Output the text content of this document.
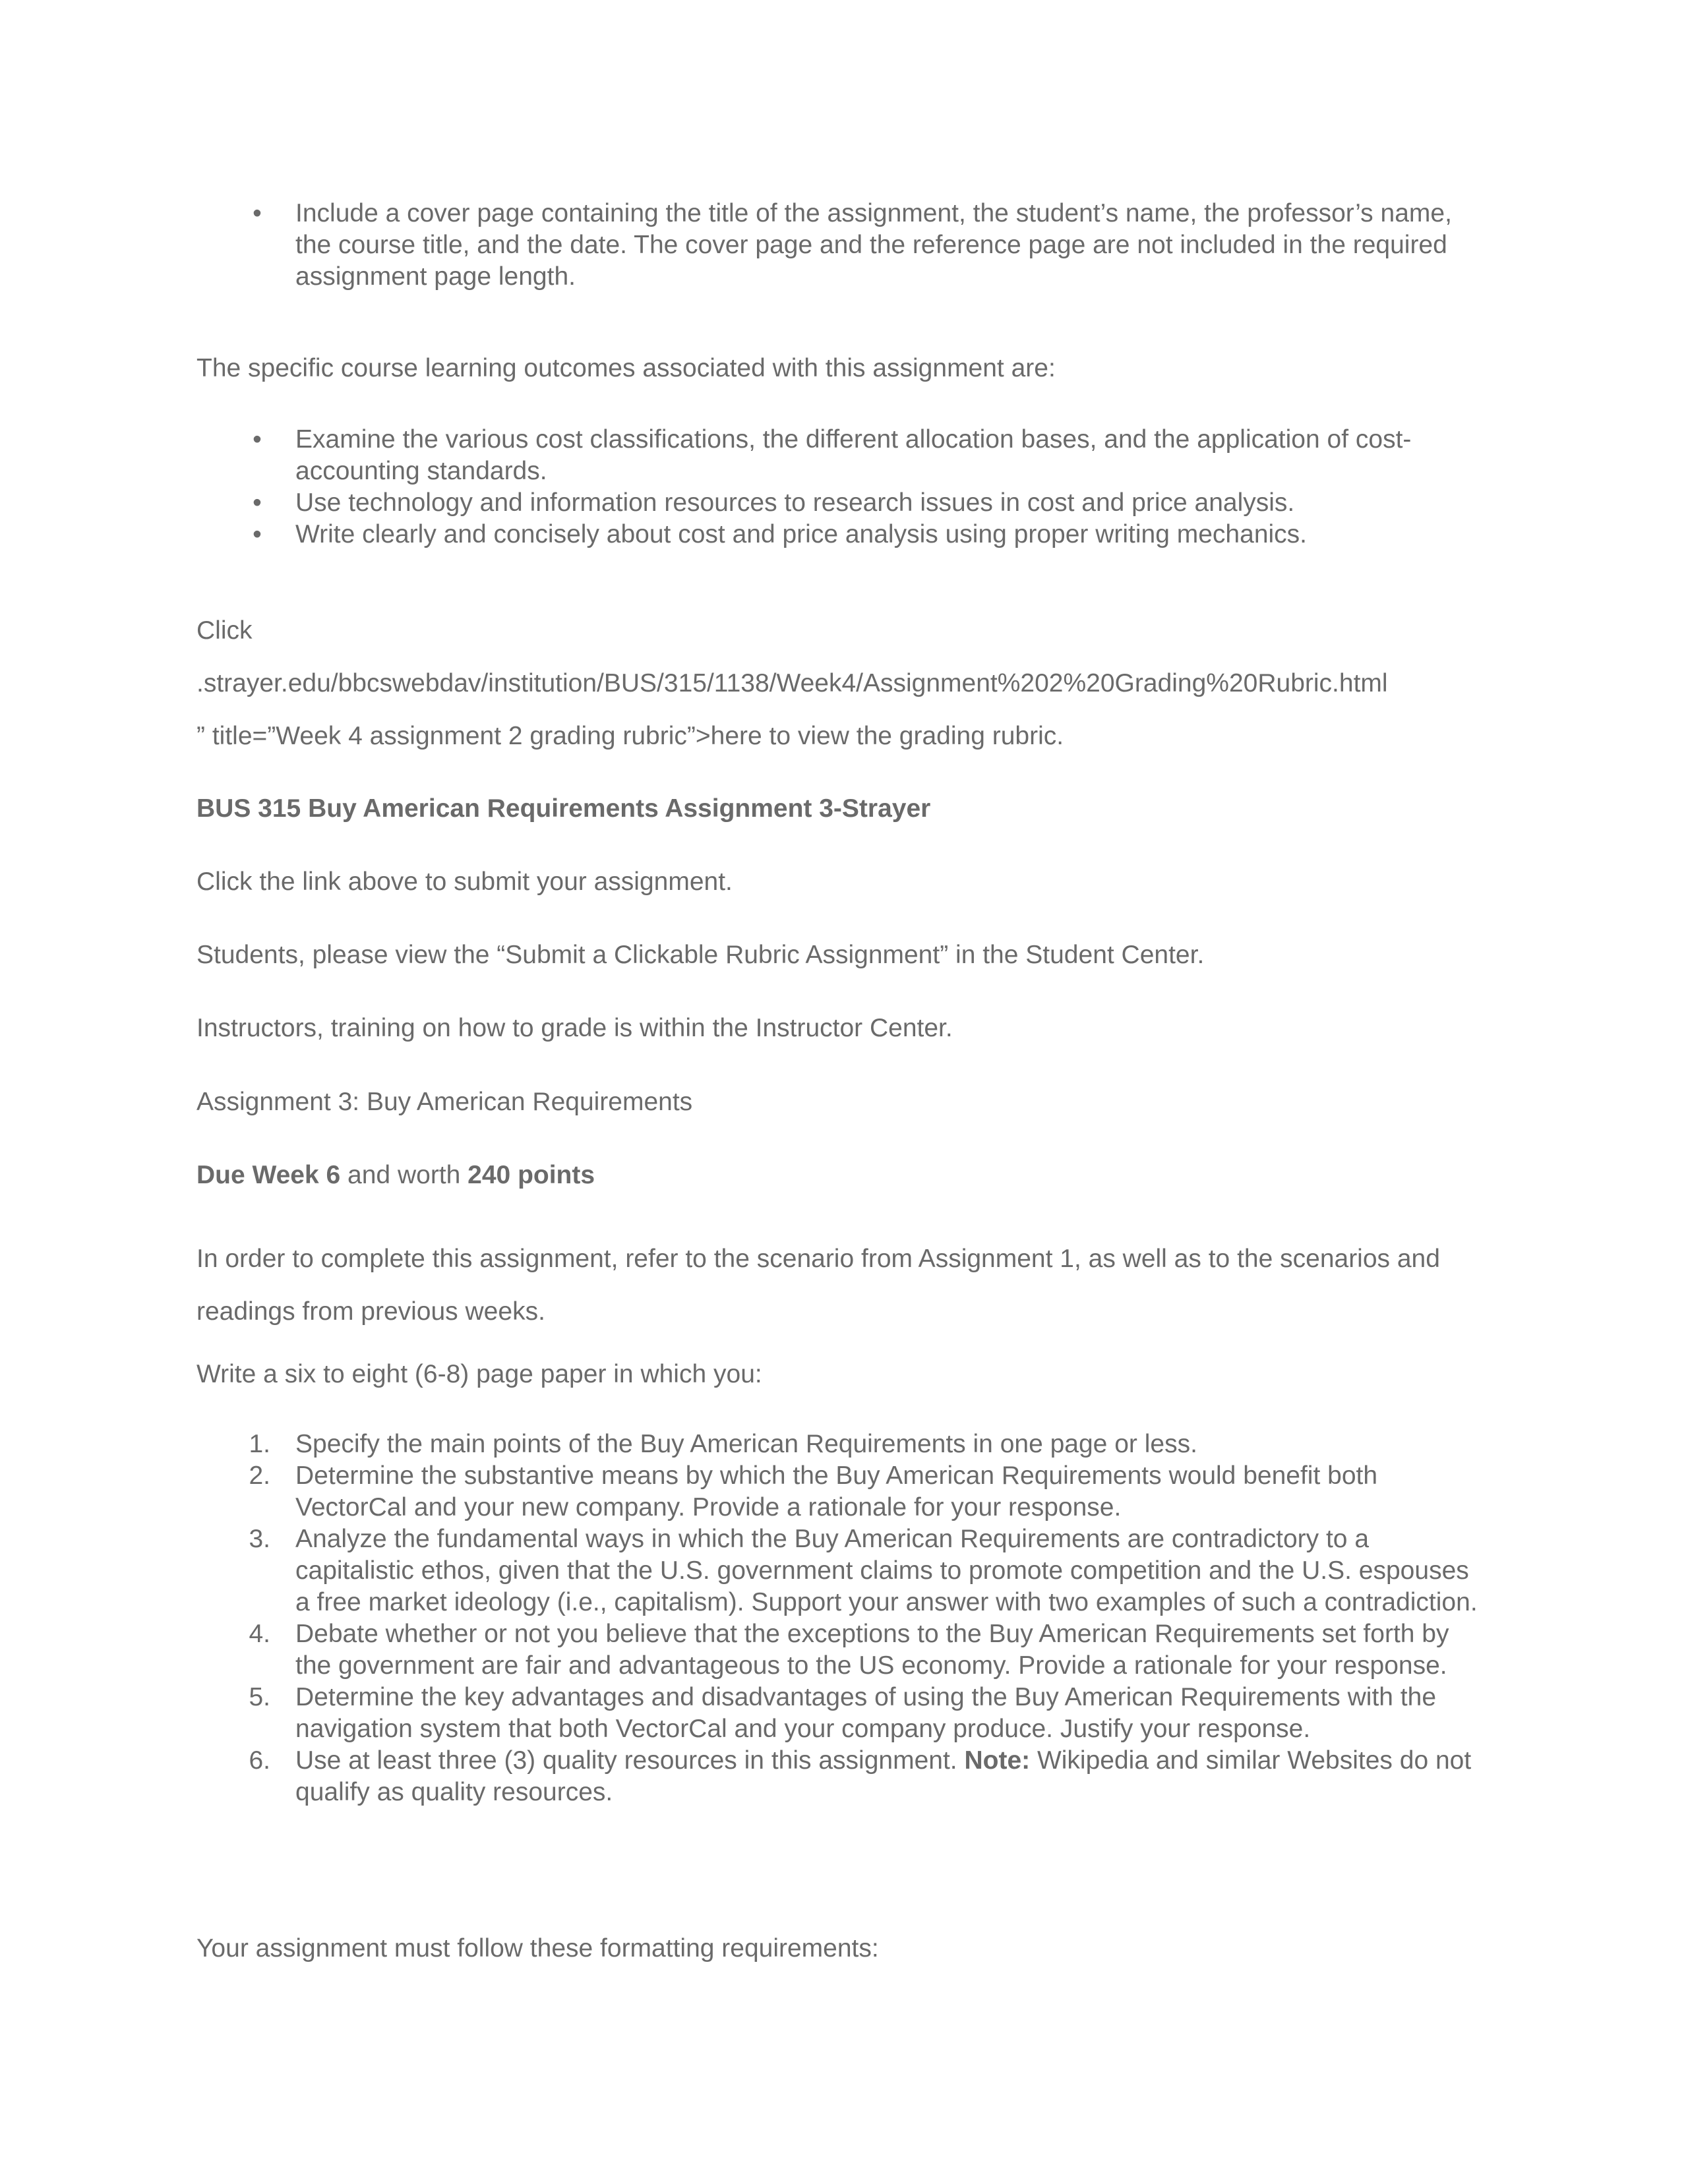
•	Include a cover page containing the title of the assignment, the student’s name, the professor’s name, the course title, and the date. The cover page and the reference page are not included in the required assignment page length.
The specific course learning outcomes associated with this assignment are:
•	Examine the various cost classifications, the different allocation bases, and the application of cost-accounting standards.
•	Use technology and information resources to research issues in cost and price analysis.
•	Write clearly and concisely about cost and price analysis using proper writing mechanics.
Click
.strayer.edu/bbcswebdav/institution/BUS/315/1138/Week4/Assignment%202%20Grading%20Rubric.html
” title=”Week 4 assignment 2 grading rubric”>here to view the grading rubric.
BUS 315 Buy American Requirements Assignment 3-Strayer
Click the link above to submit your assignment.
Students, please view the “Submit a Clickable Rubric Assignment” in the Student Center.
Instructors, training on how to grade is within the Instructor Center.
Assignment 3: Buy American Requirements
Due Week 6 and worth 240 points
In order to complete this assignment, refer to the scenario from Assignment 1, as well as to the scenarios and readings from previous weeks.
Write a six to eight (6-8) page paper in which you:
1. Specify the main points of the Buy American Requirements in one page or less.
2. Determine the substantive means by which the Buy American Requirements would benefit both VectorCal and your new company. Provide a rationale for your response.
3. Analyze the fundamental ways in which the Buy American Requirements are contradictory to a capitalistic ethos, given that the U.S. government claims to promote competition and the U.S. espouses a free market ideology (i.e., capitalism). Support your answer with two examples of such a contradiction.
4. Debate whether or not you believe that the exceptions to the Buy American Requirements set forth by the government are fair and advantageous to the US economy. Provide a rationale for your response.
5. Determine the key advantages and disadvantages of using the Buy American Requirements with the navigation system that both VectorCal and your company produce. Justify your response.
6. Use at least three (3) quality resources in this assignment. Note: Wikipedia and similar Websites do not qualify as quality resources.
Your assignment must follow these formatting requirements:
